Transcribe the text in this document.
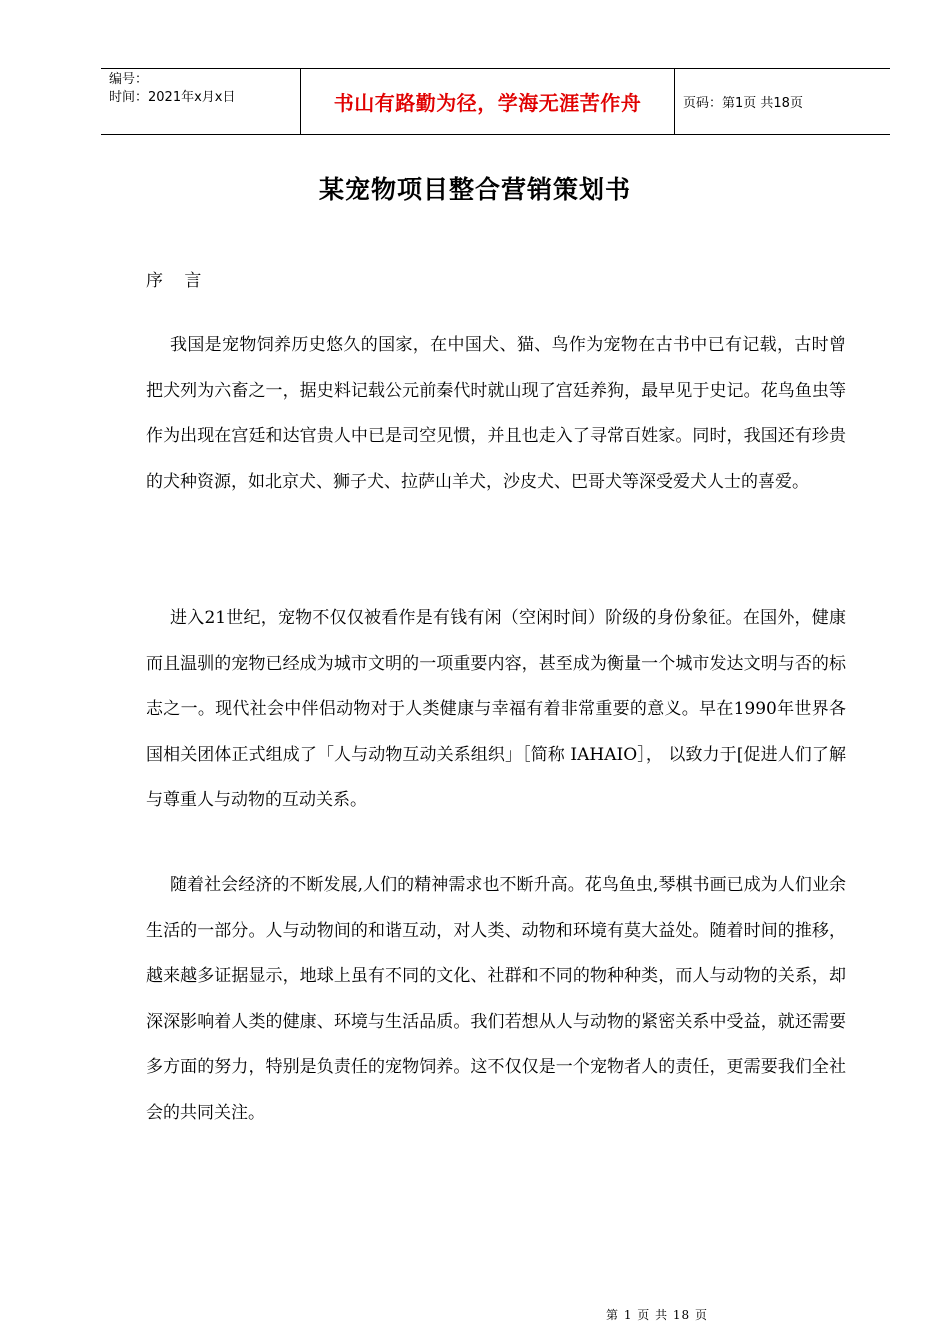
编号：
时间：2021年x月x日	书山有路勤为径，学海无涯苦作舟	页码：第1页 共18页
某宠物项目整合营销策划书
序 言

我国是宠物饲养历史悠久的国家，在中国犬、猫、鸟作为宠物在古书中已有记载，古时曾把犬列为六畜之一，据史料记载公元前秦代时就山现了宫廷养狗，最早见于史记。花鸟鱼虫等作为出现在宫廷和达官贵人中已是司空见惯，并且也走入了寻常百姓家。同时，我国还有珍贵的犬种资源，如北京犬、狮子犬、拉萨山羊犬，沙皮犬、巴哥犬等深受爱犬人士的喜爱。

进入21世纪，宠物不仅仅被看作是有钱有闲（空闲时间）阶级的身份象征。在国外，健康而且温驯的宠物已经成为城市文明的一项重要内容，甚至成为衡量一个城市发达文明与否的标志之一。现代社会中伴侣动物对于人类健康与幸福有着非常重要的意义。早在1990年世界各国相关团体正式组成了「人与动物互动关系组织」［简称 IAHAIO］， 以致力于[促进人们了解与尊重人与动物的互动关系。

随着社会经济的不断发展,人们的精神需求也不断升高。花鸟鱼虫,琴棋书画已成为人们业余生活的一部分。人与动物间的和谐互动，对人类、动物和环境有莫大益处。随着时间的推移，越来越多证据显示，地球上虽有不同的文化、社群和不同的物种种类，而人与动物的关系，却深深影响着人类的健康、环境与生活品质。我们若想从人与动物的紧密关系中受益，就还需要多方面的努力，特别是负责任的宠物饲养。这不仅仅是一个宠物者人的责任，更需要我们全社会的共同关注。

第 1 页 共 18 页
